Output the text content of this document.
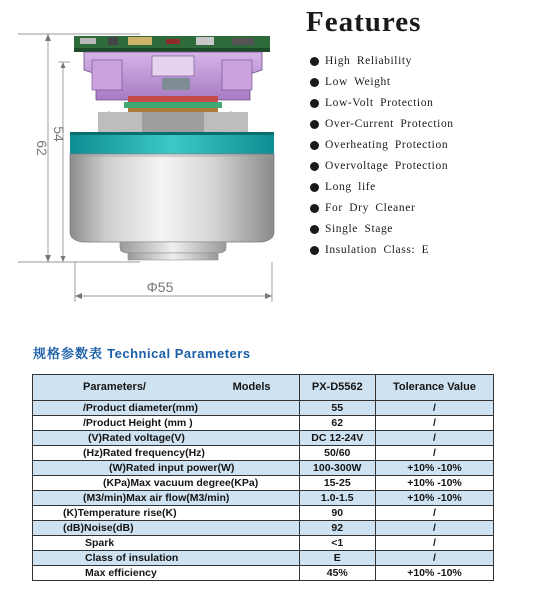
62
54
Φ55
Features
High Reliability
Low Weight
Low-Volt Protection
Over-Current Protection
Overheating Protection
Overvoltage Protection
Long life
For Dry Cleaner
Single Stage
Insulation Class: E
规格参数表 Technical Parameters
Parameters/ Models	PX-D5562	Tolerance Value
/Product diameter(mm)	55	/
/Product Height (mm )	62	/
(V)Rated voltage(V)	DC 12-24V	/
(Hz)Rated frequency(Hz)	50/60	/
(W)Rated input power(W)	100-300W	+10% -10%
(KPa)Max vacuum degree(KPa)	15-25	+10% -10%
(M3/min)Max air flow(M3/min)	1.0-1.5	+10% -10%
(K)Temperature rise(K)	90	/
(dB)Noise(dB)	92	/
Spark	<1	/
Class of insulation	E	/
Max efficiency	45%	+10% -10%
